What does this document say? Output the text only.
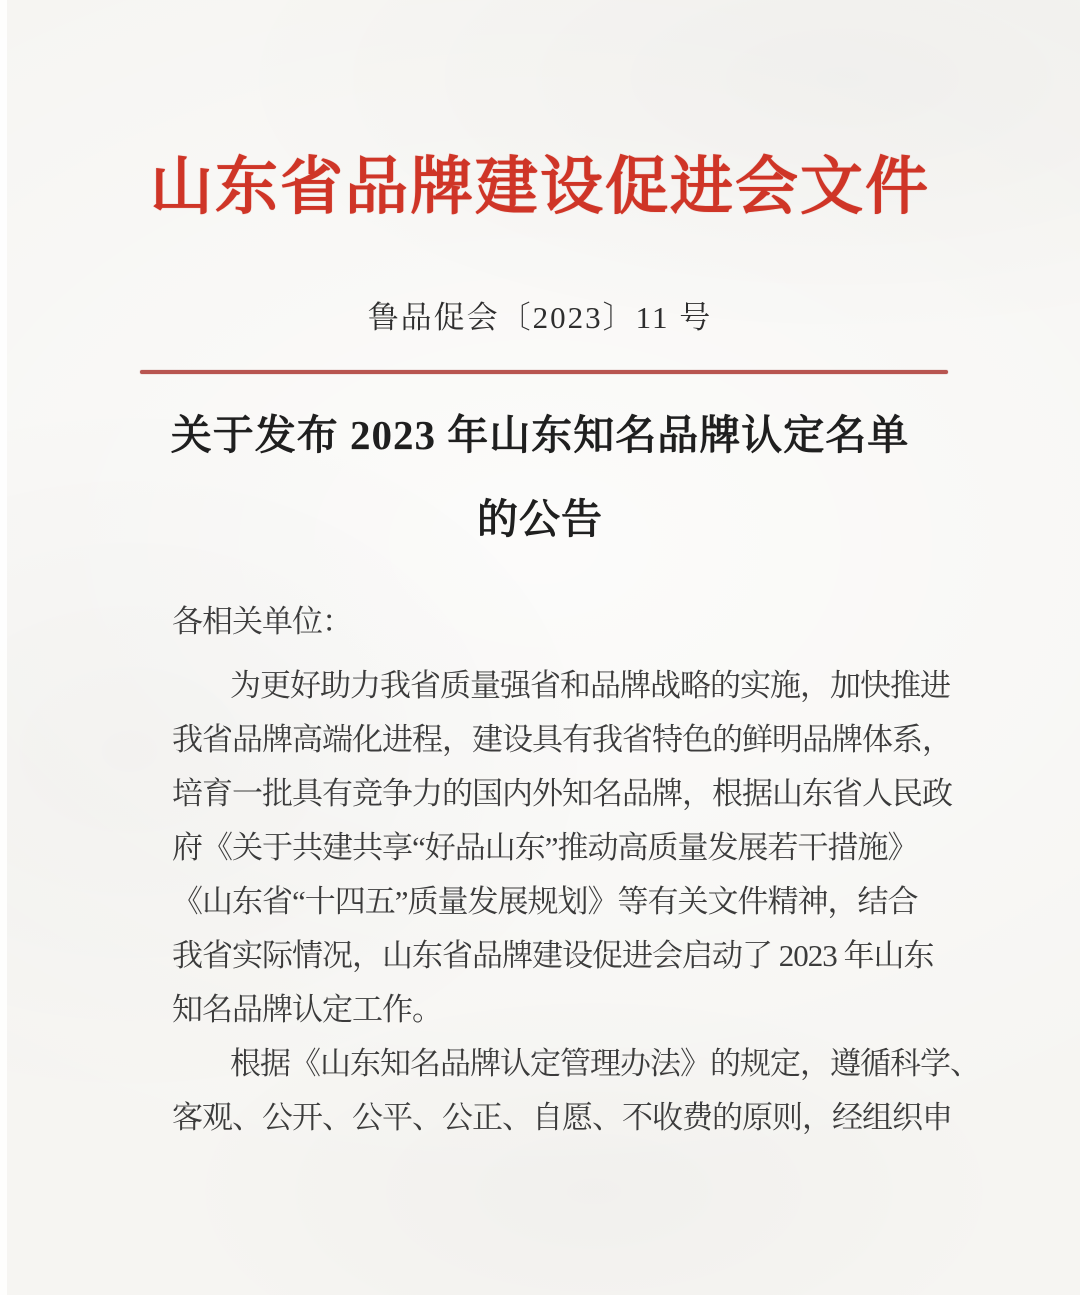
山东省品牌建设促进会文件
鲁品促会〔2023〕11 号
关于发布 2023 年山东知名品牌认定名单
的公告
各相关单位：
为更好助力我省质量强省和品牌战略的实施，加快推进
我省品牌高端化进程，建设具有我省特色的鲜明品牌体系，
培育一批具有竞争力的国内外知名品牌，根据山东省人民政
府《关于共建共享“好品山东”推动高质量发展若干措施》
《山东省“十四五”质量发展规划》等有关文件精神，结合
我省实际情况，山东省品牌建设促进会启动了 2023 年山东
知名品牌认定工作。
根据《山东知名品牌认定管理办法》的规定，遵循科学、
客观、公开、公平、公正、自愿、不收费的原则，经组织申
